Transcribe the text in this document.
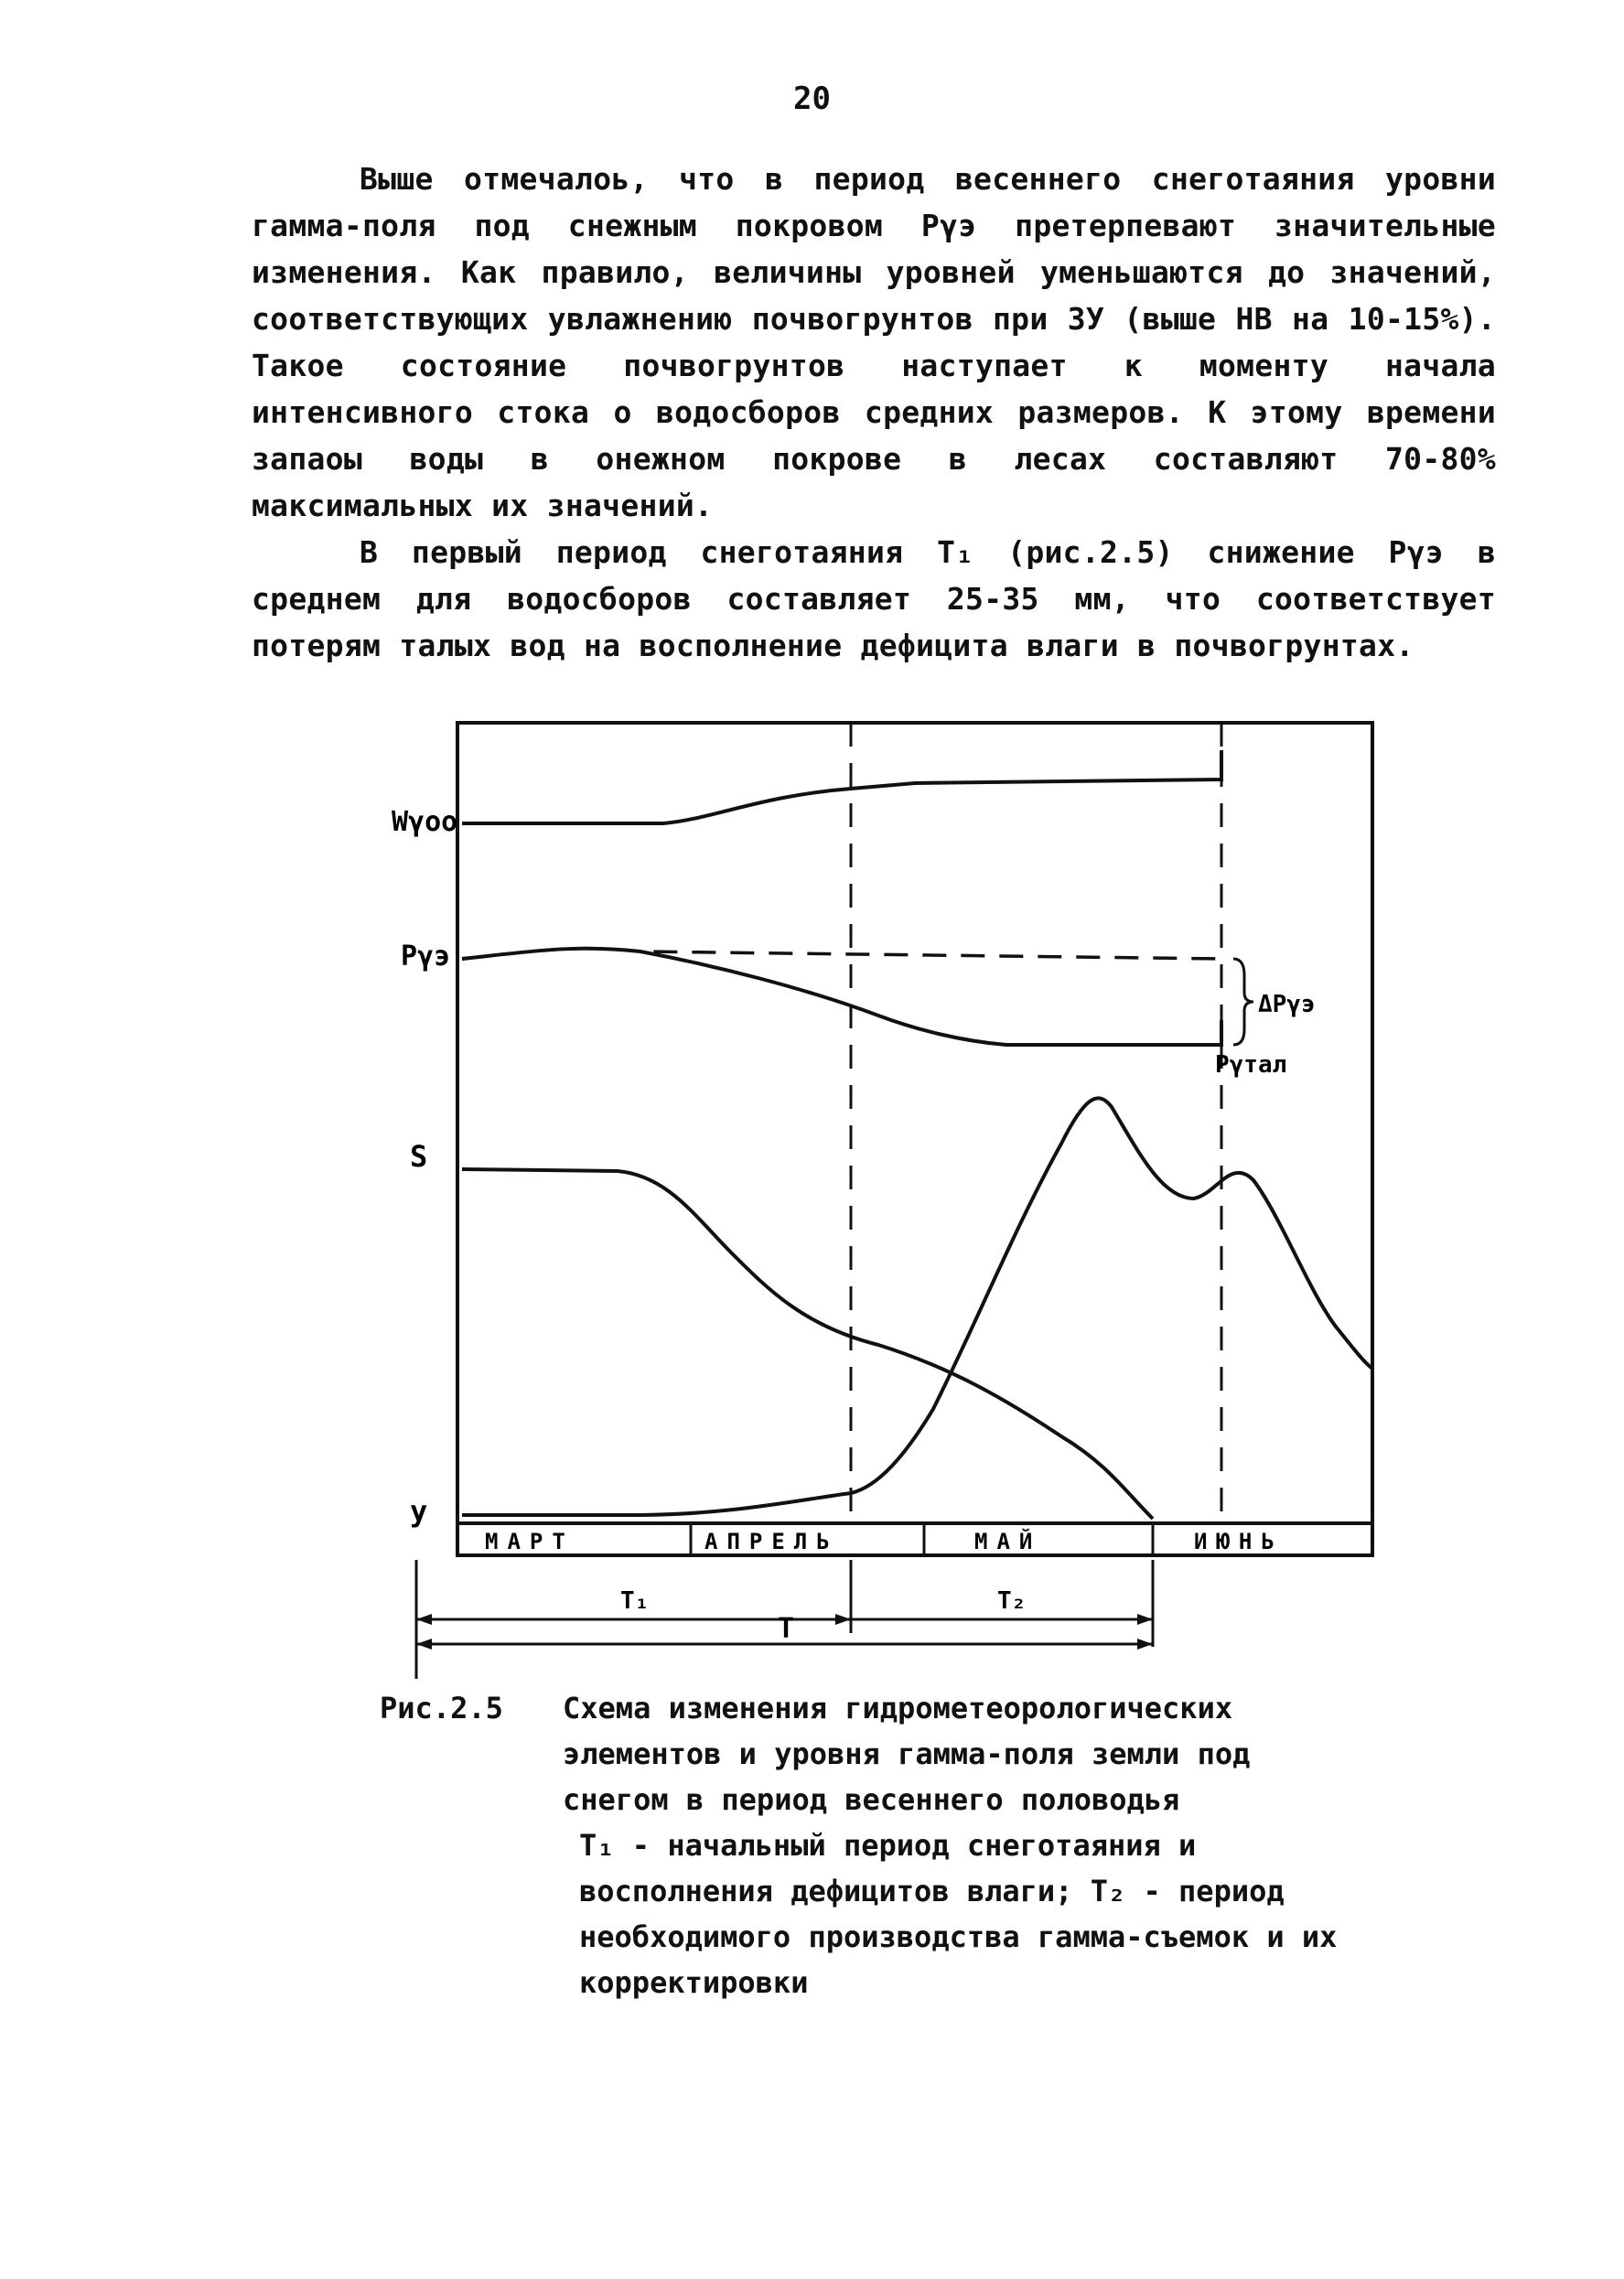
20

Выше отмечалоь, что в период весеннего снеготаяния уровни гамма-поля под снежным покровом Pγэ претерпевают значительные изменения. Как правило, величины уровней уменьшаются до значений, соответствующих увлажнению почвогрунтов при ЗУ (выше НВ на 10-15%). Такое состояние почвогрунтов наступает к моменту начала интенсивного стока о водосборов средних размеров. К этому времени запаоы воды в онежном покрове в лесах составляют 70-80% максимальных их значений.

В первый период снеготаяния T₁ (рис.2.5) снижение Pγэ в среднем для водосборов составляет 25-35 мм, что соответствует потерям талых вод на восполнение дефицита влаги в почвогрунтах.

МАРТ	АПРЕЛЬ	МАЙ	ИЮНЬ
Wγоо
Pγэ
S
y
ΔPγэ
Pγтал
T₁	T₂
T
Рис.2.5	Схема изменения гидрометеорологических

элементов и уровня гамма-поля земли под

снегом в период весеннего половодья

T₁ - начальный период снеготаяния и восполнения дефицитов влаги; T₂ - период необходимого производства гамма-съемок и их корректировки
